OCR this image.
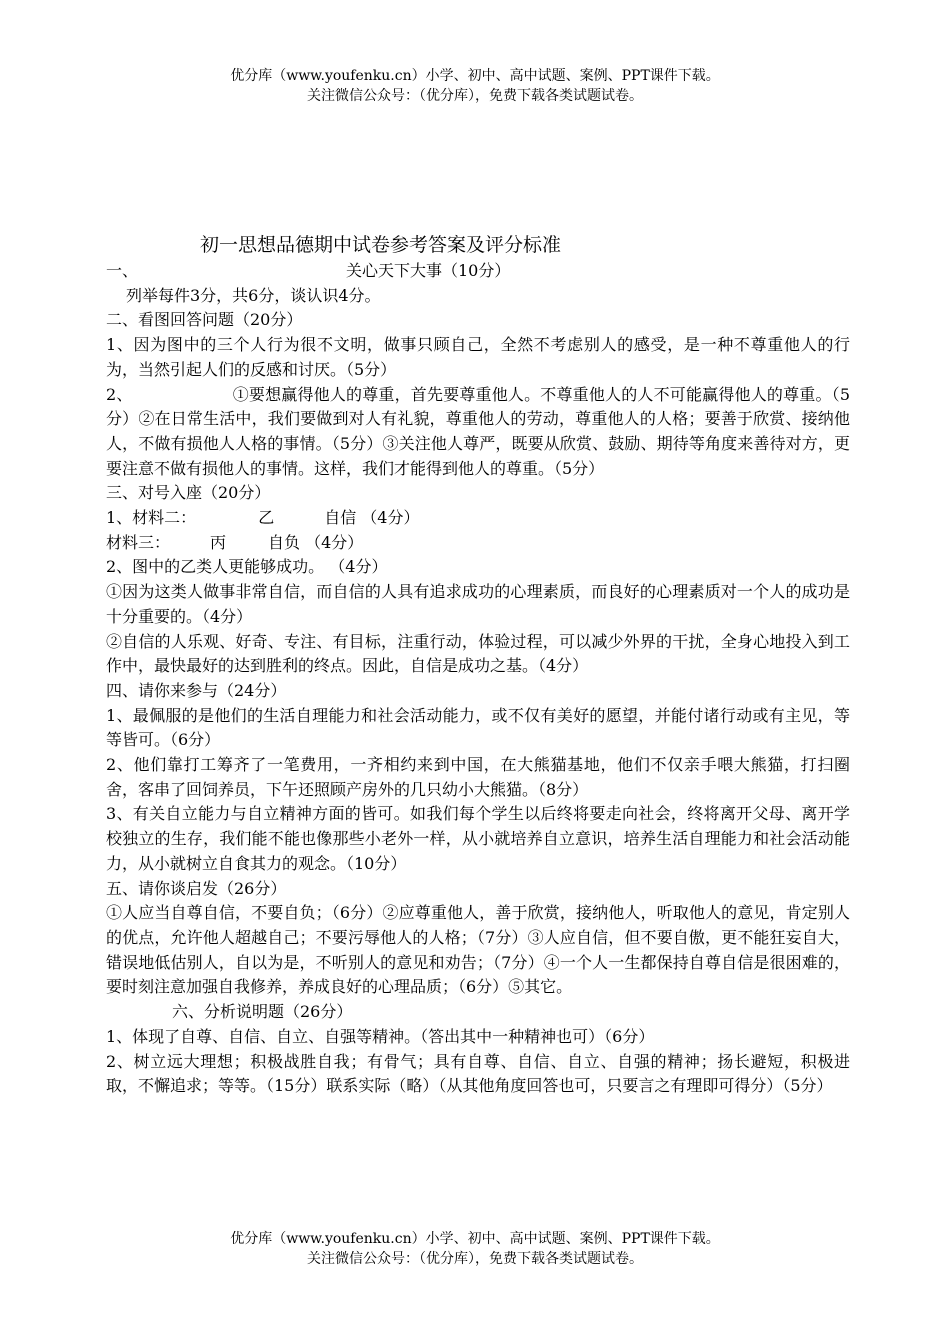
优分库（www.youfenku.cn）小学、初中、高中试题、案例、PPT课件下载。
关注微信公众号：（优分库），免费下载各类试题试卷。
初一思想品德期中试卷参考答案及评分标准

一、	关心天下大事（10分）

列举每件3分，共6分，谈认识4分。

二、看图回答问题（20分）

1、因为图中的三个人行为很不文明，做事只顾自己，全然不考虑别人的感受，是一种不尊重他人的行为，当然引起人们的反感和讨厌。（5分）

2、	①要想赢得他人的尊重，首先要尊重他人。不尊重他人的人不可能赢得他人的尊重。（5分）②在日常生活中，我们要做到对人有礼貌，尊重他人的劳动，尊重他人的人格；要善于欣赏、接纳他人，不做有损他人人格的事情。（5分）③关注他人尊严，既要从欣赏、鼓励、期待等角度来善待对方，更要注意不做有损他人的事情。这样，我们才能得到他人的尊重。（5分）

三、对号入座（20分）

1、材料二：	乙	自信 （4分）

材料三：	丙	自负 （4分）

2、图中的乙类人更能够成功。 （4分）

①因为这类人做事非常自信，而自信的人具有追求成功的心理素质，而良好的心理素质对一个人的成功是十分重要的。（4分）

②自信的人乐观、好奇、专注、有目标，注重行动，体验过程，可以减少外界的干扰，全身心地投入到工作中，最快最好的达到胜利的终点。因此，自信是成功之基。（4分）

四、请你来参与（24分）

1、最佩服的是他们的生活自理能力和社会活动能力，或不仅有美好的愿望，并能付诸行动或有主见，等等皆可。（6分）

2、他们靠打工筹齐了一笔费用，一齐相约来到中国，在大熊猫基地，他们不仅亲手喂大熊猫，打扫圈舍，客串了回饲养员，下午还照顾产房外的几只幼小大熊猫。（8分）

3、有关自立能力与自立精神方面的皆可。如我们每个学生以后终将要走向社会，终将离开父母、离开学校独立的生存，我们能不能也像那些小老外一样，从小就培养自立意识，培养生活自理能力和社会活动能力，从小就树立自食其力的观念。（10分）

五、请你谈启发（26分）

①人应当自尊自信，不要自负；（6分）②应尊重他人，善于欣赏，接纳他人，听取他人的意见，肯定别人的优点，允许他人超越自己；不要污辱他人的人格；（7分）③人应自信，但不要自傲，更不能狂妄自大，错误地低估别人，自以为是，不听别人的意见和劝告；（7分）④一个人一生都保持自尊自信是很困难的，要时刻注意加强自我修养，养成良好的心理品质；（6分）⑤其它。

六、分析说明题（26分）

1、体现了自尊、自信、自立、自强等精神。（答出其中一种精神也可）（6分）

2、树立远大理想；积极战胜自我；有骨气；具有自尊、自信、自立、自强的精神；扬长避短，积极进取，不懈追求；等等。（15分）联系实际（略）（从其他角度回答也可，只要言之有理即可得分）（5分）

优分库（www.youfenku.cn）小学、初中、高中试题、案例、PPT课件下载。
关注微信公众号：（优分库），免费下载各类试题试卷。
